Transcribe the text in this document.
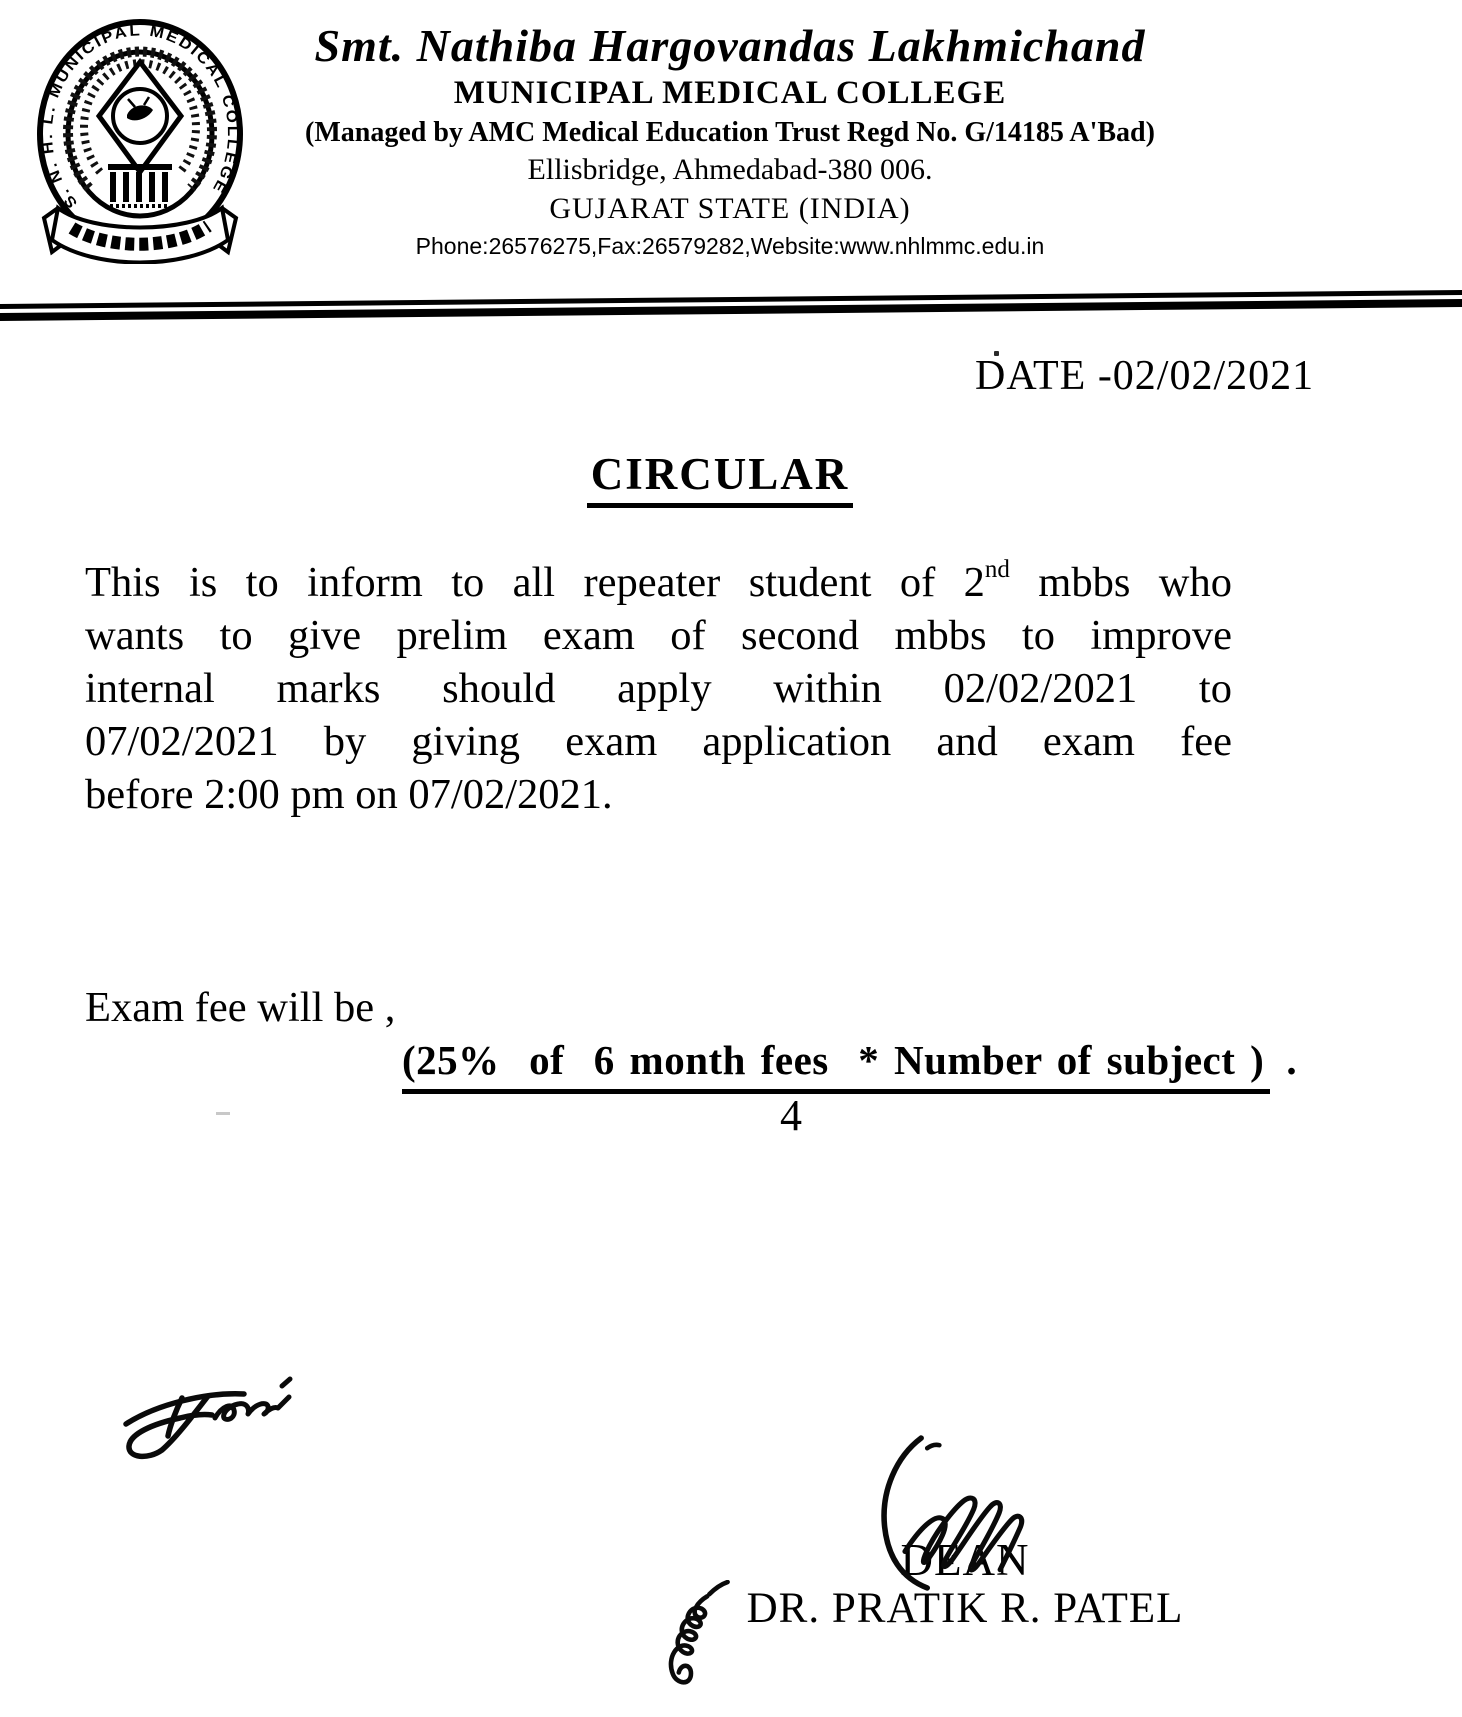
S. N. H. L. MUNICIPAL MEDICAL COLLEGE
Smt. Nathiba Hargovandas Lakhmichand
MUNICIPAL MEDICAL COLLEGE
(Managed by AMC Medical Education Trust Regd No. G/14185 A'Bad)
Ellisbridge, Ahmedabad-380 006.
GUJARAT STATE (INDIA)
Phone:26576275,Fax:26579282,Website:www.nhlmmc.edu.in
DATE -02/02/2021
CIRCULAR
This is to inform to all repeater student of 2nd mbbs who
wants to give prelim exam of second mbbs to improve
internal marks should apply within 02/02/2021 to
07/02/2021 by giving exam application and exam fee
before 2:00 pm on 07/02/2021.
Exam fee will be ,
(25%  of  6 month fees  * Number of subject ) .
4
DEAN
DR. PRATIK R. PATEL
